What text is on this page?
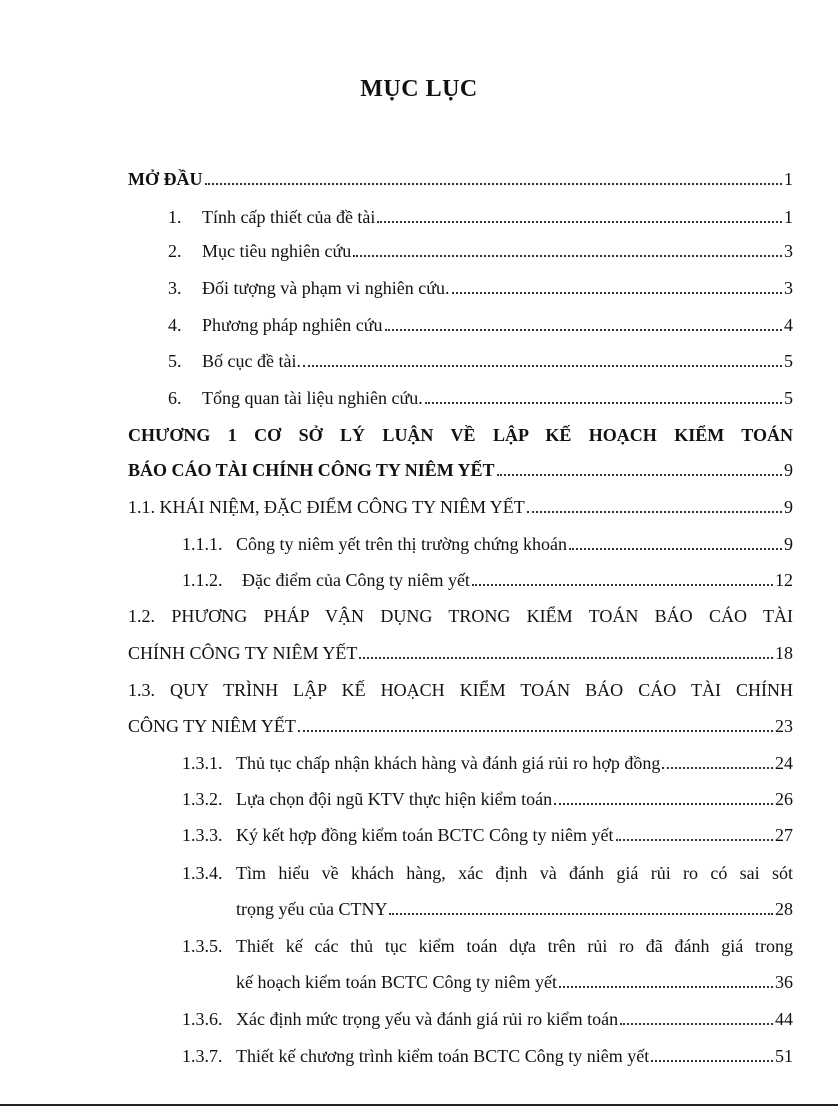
MỤC LỤC
MỞ ĐẦU	1
1.	Tính cấp thiết của đề tài	1
2.	Mục tiêu nghiên cứu	3
3.	Đối tượng và phạm vi nghiên cứu.	3
4.	Phương pháp nghiên cứu	4
5.	Bố cục đề tài.	5
6.	Tổng quan tài liệu nghiên cứu.	5
CHƯƠNG 1 CƠ SỞ LÝ LUẬN VỀ LẬP KẾ HOẠCH KIỂM TOÁN
BÁO CÁO TÀI CHÍNH CÔNG TY NIÊM YẾT	9
1.1. KHÁI NIỆM, ĐẶC ĐIỂM CÔNG TY NIÊM YẾT	9
1.1.1. Công ty niêm yết trên thị trường chứng khoán	9
1.1.2.	Đặc điểm của Công ty niêm yết	12
1.2. PHƯƠNG PHÁP VẬN DỤNG TRONG KIỂM TOÁN BÁO CÁO TÀI
CHÍNH CÔNG TY NIÊM YẾT	18
1.3. QUY TRÌNH LẬP KẾ HOẠCH KIỂM TOÁN BÁO CÁO TÀI CHÍNH
CÔNG TY NIÊM YẾT	23
1.3.1. Thủ tục chấp nhận khách hàng và đánh giá rủi ro hợp đồng	24
1.3.2. Lựa chọn đội ngũ KTV thực hiện kiểm toán	26
1.3.3. Ký kết hợp đồng kiểm toán BCTC Công ty niêm yết	27
1.3.4. Tìm hiểu về khách hàng, xác định và đánh giá rủi ro có sai sót
trọng yếu của CTNY	28
1.3.5. Thiết kế các thủ tục kiểm toán dựa trên rủi ro đã đánh giá trong
kế hoạch kiểm toán BCTC Công ty niêm yết	36
1.3.6. Xác định mức trọng yếu và đánh giá rủi ro kiểm toán	44
1.3.7. Thiết kế chương trình kiểm toán BCTC Công ty niêm yết	51
